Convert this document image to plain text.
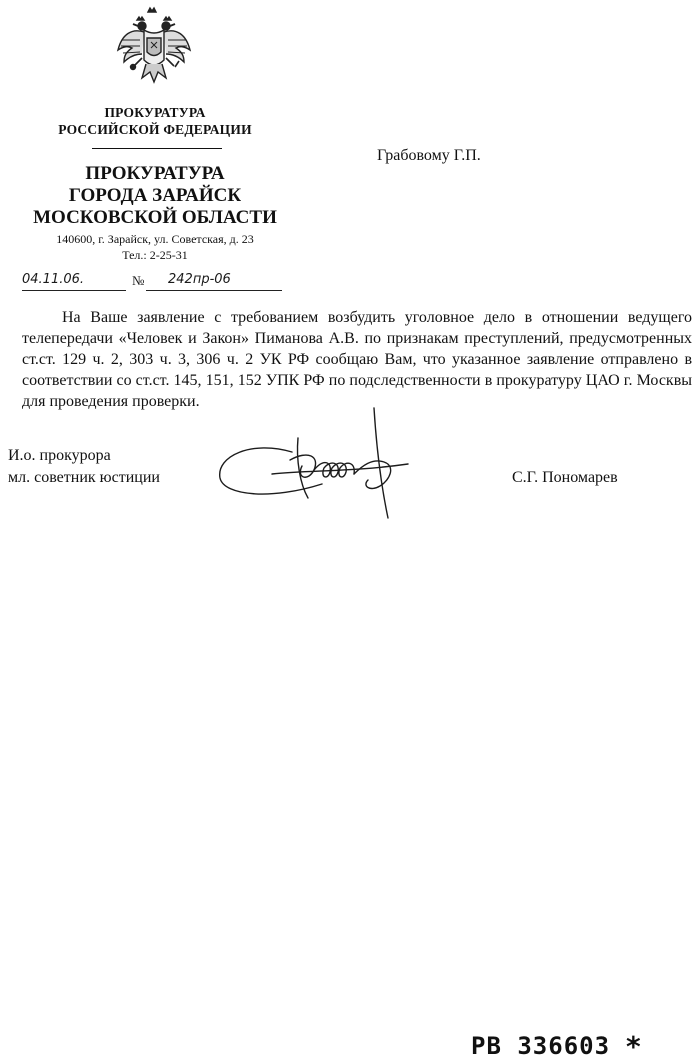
ПРОКУРАТУРА
РОССИЙСКОЙ ФЕДЕРАЦИИ
ПРОКУРАТУРА
ГОРОДА ЗАРАЙСК
МОСКОВСКОЙ ОБЛАСТИ
140600, г. Зарайск, ул. Советская, д. 23
Тел.: 2-25-31
Грабовому Г.П.
04.11.06.	№ 242пр-06

На Ваше заявление с требованием возбудить уголовное дело в отношении ведущего телепередачи «Человек и Закон» Пиманова А.В. по признакам преступлений, предусмотренных ст.ст. 129 ч. 2, 303 ч. 3, 306 ч. 2 УК РФ сообщаю Вам, что указанное заявление отправлено в соответствии со ст.ст. 145, 151, 152 УПК РФ по подследственности в прокуратуру ЦАО г. Москвы для проведения проверки.

И.о. прокурора
мл. советник юстиции	С.Г. Пономарев
РВ 336603 *
